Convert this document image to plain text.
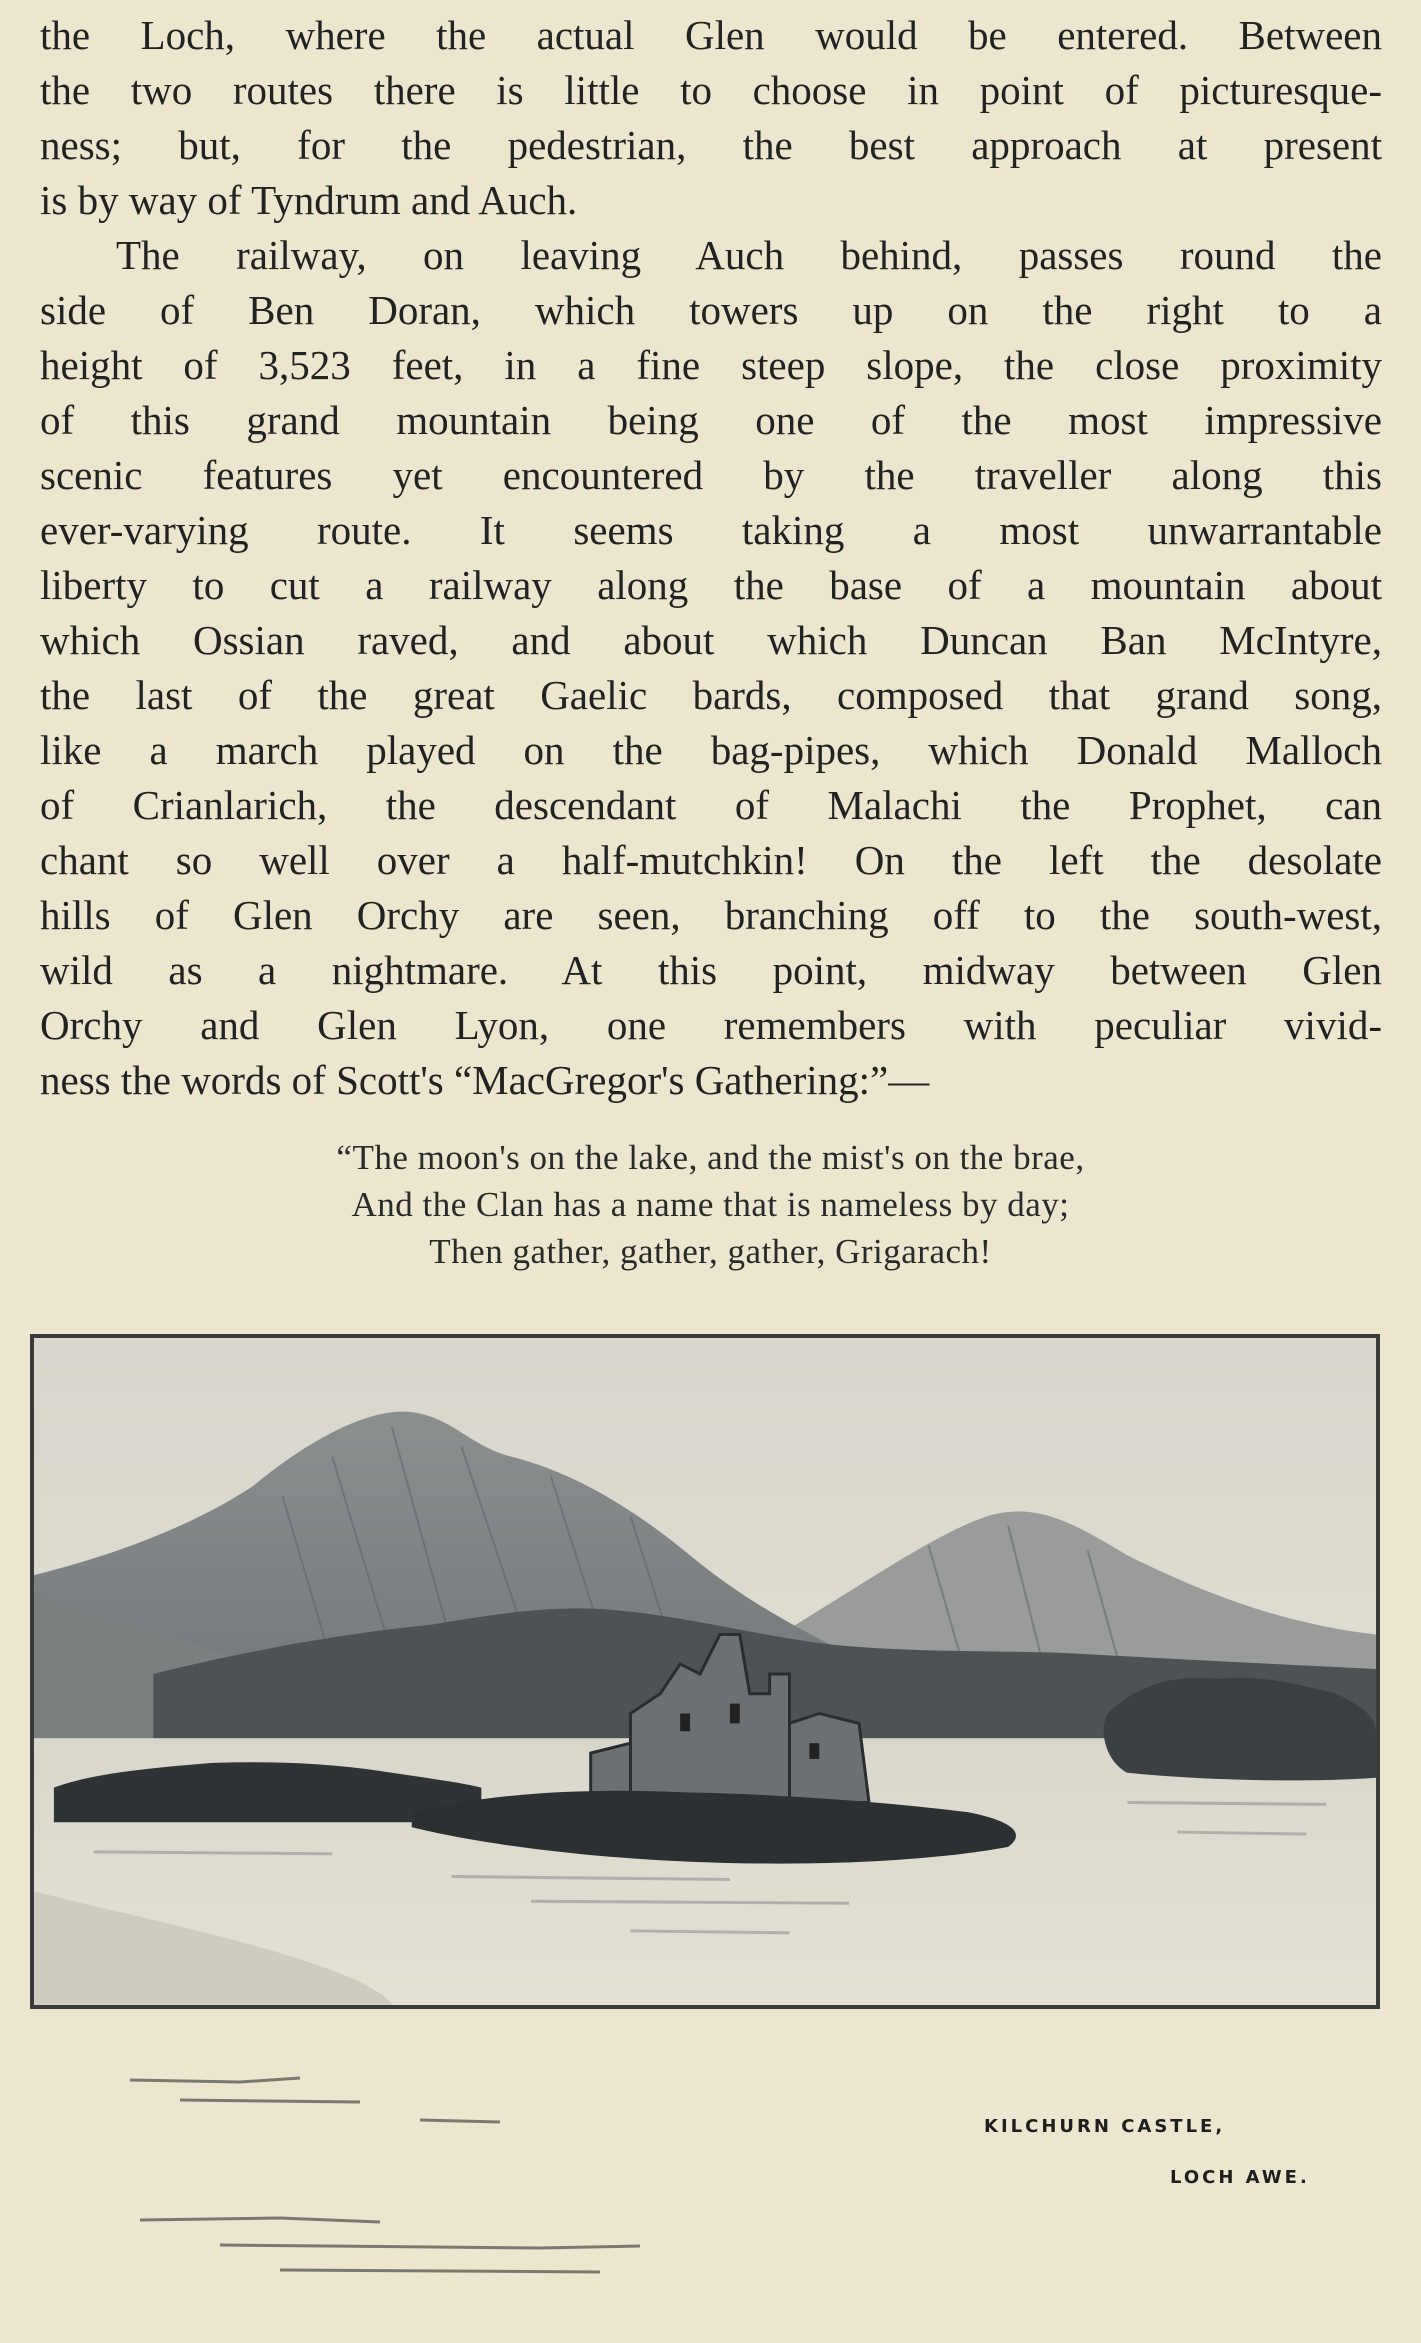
the Loch, where the actual Glen would be entered. Between
the two routes there is little to choose in point of picturesque-
ness; but, for the pedestrian, the best approach at present
is by way of Tyndrum and Auch.

The railway, on leaving Auch behind, passes round the
side of Ben Doran, which towers up on the right to a
height of 3,523 feet, in a fine steep slope, the close proximity
of this grand mountain being one of the most impressive
scenic features yet encountered by the traveller along this
ever-varying route. It seems taking a most unwarrantable
liberty to cut a railway along the base of a mountain about
which Ossian raved, and about which Duncan Ban McIntyre,
the last of the great Gaelic bards, composed that grand song,
like a march played on the bag-pipes, which Donald Malloch
of Crianlarich, the descendant of Malachi the Prophet, can
chant so well over a half-mutchkin! On the left the desolate
hills of Glen Orchy are seen, branching off to the south-west,
wild as a nightmare. At this point, midway between Glen
Orchy and Glen Lyon, one remembers with peculiar vivid-
ness the words of Scott's “MacGregor's Gathering:”—

“The moon's on the lake, and the mist's on the brae,
And the Clan has a name that is nameless by day;
Then gather, gather, gather, Grigarach!
KILCHURN CASTLE,
LOCH AWE.
